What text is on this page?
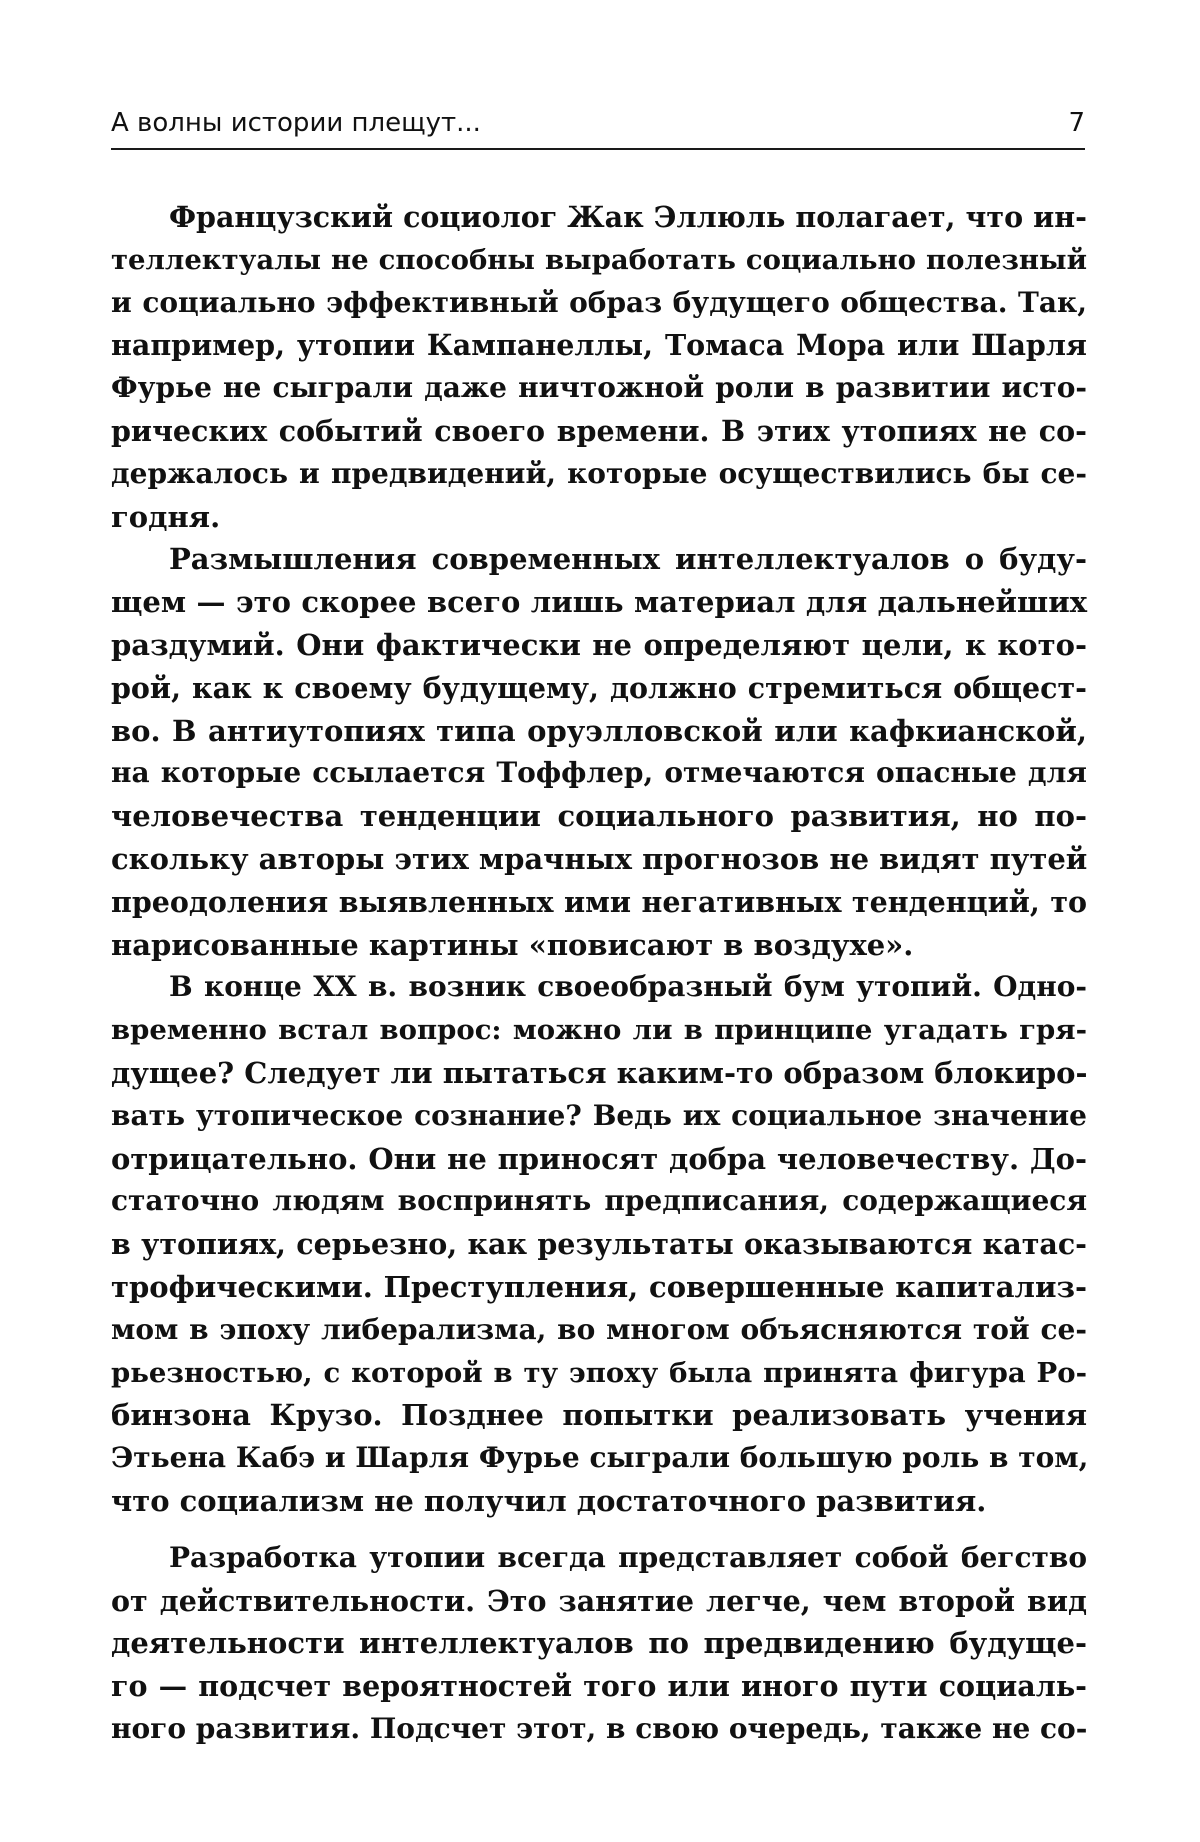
А волны истории плещут...	7
Французский социолог Жак Эллюль полагает, что ин-
теллектуалы не способны выработать социально полезный
и социально эффективный образ будущего общества. Так,
например, утопии Кампанеллы, Томаса Мора или Шарля
Фурье не сыграли даже ничтожной роли в развитии исто-
рических событий своего времени. В этих утопиях не со-
держалось и предвидений, которые осуществились бы се-
годня.
Размышления современных интеллектуалов о буду-
щем — это скорее всего лишь материал для дальнейших
раздумий. Они фактически не определяют цели, к кото-
рой, как к своему будущему, должно стремиться общест-
во. В антиутопиях типа оруэлловской или кафкианской,
на которые ссылается Тоффлер, отмечаются опасные для
человечества тенденции социального развития, но по-
скольку авторы этих мрачных прогнозов не видят путей
преодоления выявленных ими негативных тенденций, то
нарисованные картины «повисают в воздухе».
В конце XX в. возник своеобразный бум утопий. Одно-
временно встал вопрос: можно ли в принципе угадать гря-
дущее? Следует ли пытаться каким-то образом блокиро-
вать утопическое сознание? Ведь их социальное значение
отрицательно. Они не приносят добра человечеству. До-
статочно людям воспринять предписания, содержащиеся
в утопиях, серьезно, как результаты оказываются катас-
трофическими. Преступления, совершенные капитализ-
мом в эпоху либерализма, во многом объясняются той се-
рьезностью, с которой в ту эпоху была принята фигура Ро-
бинзона Крузо. Позднее попытки реализовать учения
Этьена Кабэ и Шарля Фурье сыграли большую роль в том,
что социализм не получил достаточного развития.
Разработка утопии всегда представляет собой бегство
от действительности. Это занятие легче, чем второй вид
деятельности интеллектуалов по предвидению будуще-
го — подсчет вероятностей того или иного пути социаль-
ного развития. Подсчет этот, в свою очередь, также не со-
